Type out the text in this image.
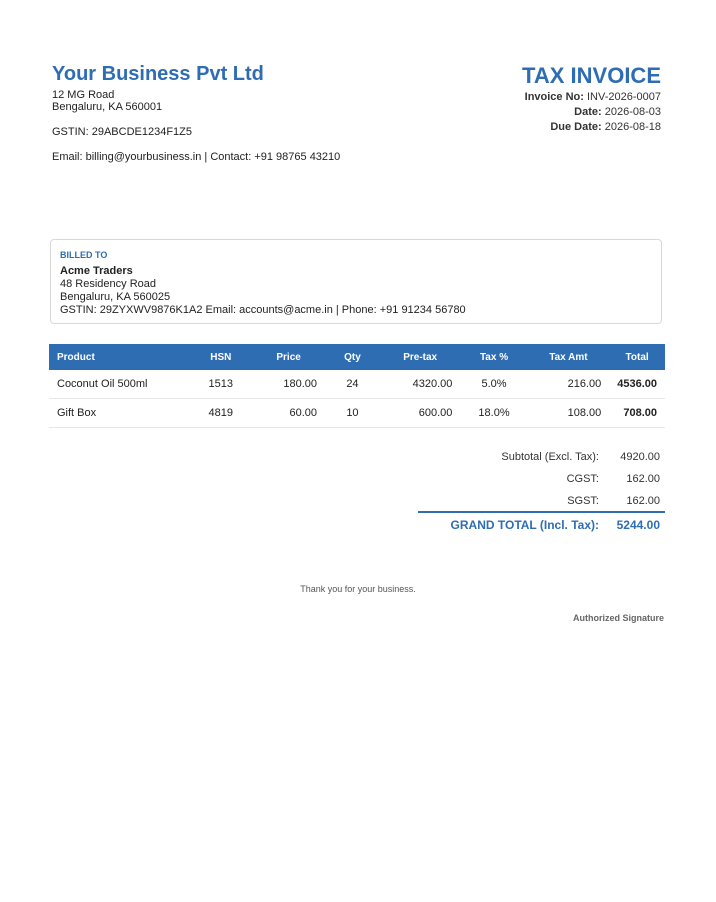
Your Business Pvt Ltd
12 MG Road
Bengaluru, KA 560001
GSTIN: 29ABCDE1234F1Z5
Email: billing@yourbusiness.in | Contact: +91 98765 43210
TAX INVOICE
Invoice No: INV-2026-0007
Date: 2026-08-03
Due Date: 2026-08-18
BILLED TO
Acme Traders
48 Residency Road
Bengaluru, KA 560025
GSTIN: 29ZYXWV9876K1A2 Email: accounts@acme.in | Phone: +91 91234 56780
Product	HSN	Price	Qty	Pre-tax	Tax %	Tax Amt	Total
Coconut Oil 500ml	1513	180.00	24	4320.00	5.0%	216.00	4536.00
Gift Box	4819	60.00	10	600.00	18.0%	108.00	708.00
Subtotal (Excl. Tax): 4920.00
CGST: 162.00
SGST: 162.00
GRAND TOTAL (Incl. Tax): 5244.00
Thank you for your business.
Authorized Signature
